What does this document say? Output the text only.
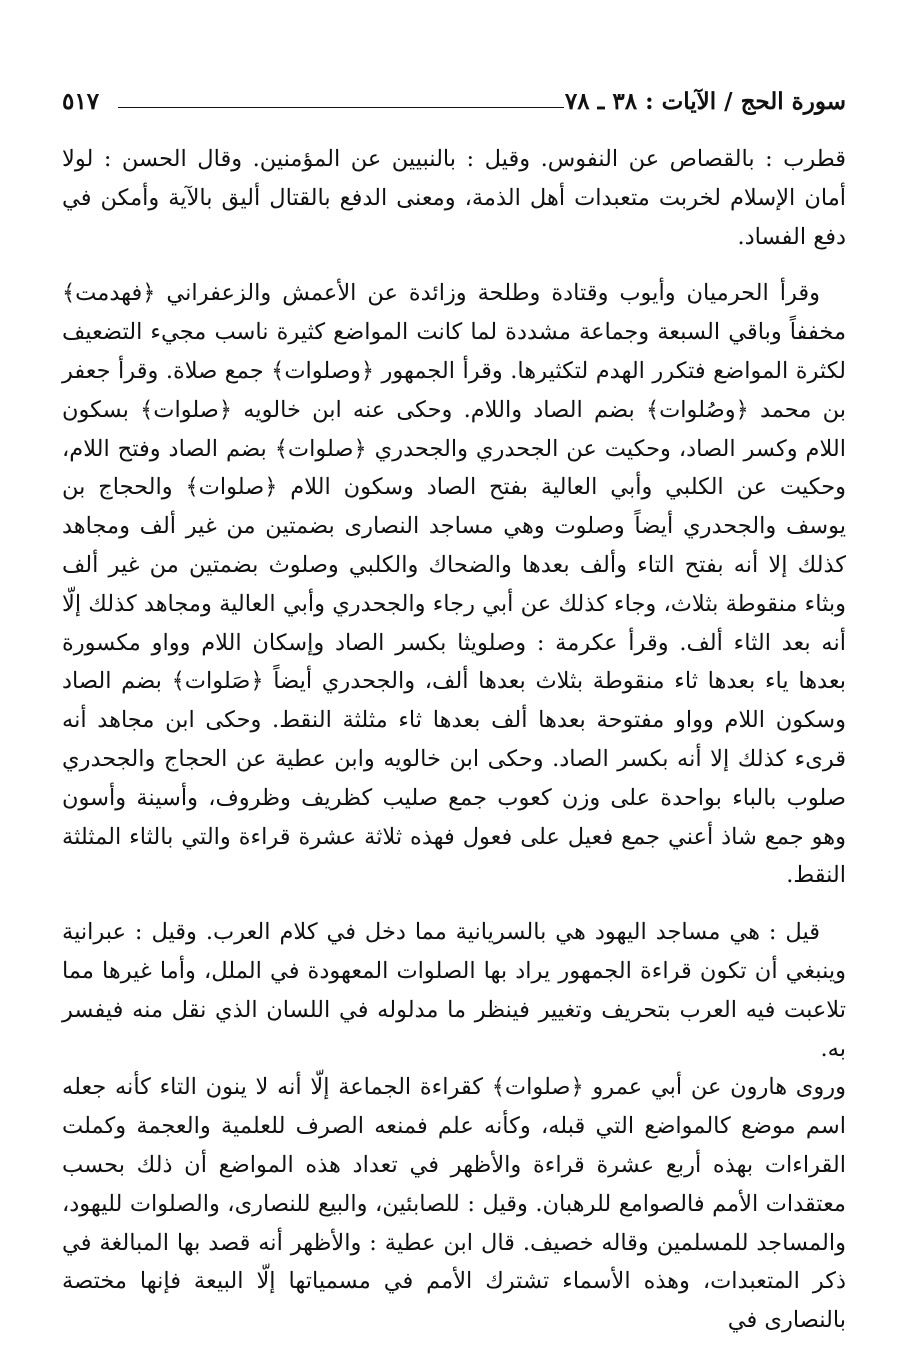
سورة الحج / الآيات : ٣٨ ـ ٧٨
٥١٧

قطرب : بالقصاص عن النفوس. وقيل : بالنبيين عن المؤمنين. وقال الحسن : لولا أمان الإسلام لخربت متعبدات أهل الذمة، ومعنى الدفع بالقتال أليق بالآية وأمكن في دفع الفساد.

وقرأ الحرميان وأيوب وقتادة وطلحة وزائدة عن الأعمش والزعفراني ﴿فهدمت﴾ مخففاً وباقي السبعة وجماعة مشددة لما كانت المواضع كثيرة ناسب مجيء التضعيف لكثرة المواضع فتكرر الهدم لتكثيرها. وقرأ الجمهور ﴿وصلوات﴾ جمع صلاة. وقرأ جعفر بن محمد ﴿وصُلوات﴾ بضم الصاد واللام. وحكى عنه ابن خالويه ﴿صلوات﴾ بسكون اللام وكسر الصاد، وحكيت عن الجحدري والجحدري ﴿صلوات﴾ بضم الصاد وفتح اللام، وحكيت عن الكلبي وأبي العالية بفتح الصاد وسكون اللام ﴿صلوات﴾ والحجاج بن يوسف والجحدري أيضاً وصلوت وهي مساجد النصارى بضمتين من غير ألف ومجاهد كذلك إلا أنه بفتح التاء وألف بعدها والضحاك والكلبي وصلوث بضمتين من غير ألف وبثاء منقوطة بثلاث، وجاء كذلك عن أبي رجاء والجحدري وأبي العالية ومجاهد كذلك إلّا أنه بعد الثاء ألف. وقرأ عكرمة : وصلويثا بكسر الصاد وإسكان اللام وواو مكسورة بعدها ياء بعدها ثاء منقوطة بثلاث بعدها ألف، والجحدري أيضاً ﴿صَلوات﴾ بضم الصاد وسكون اللام وواو مفتوحة بعدها ألف بعدها ثاء مثلثة النقط. وحكى ابن مجاهد أنه قرىء كذلك إلا أنه بكسر الصاد. وحكى ابن خالويه وابن عطية عن الحجاج والجحدري صلوب بالباء بواحدة على وزن كعوب جمع صليب كظريف وظروف، وأسينة وأسون وهو جمع شاذ أعني جمع فعيل على فعول فهذه ثلاثة عشرة قراءة والتي بالثاء المثلثة النقط.

قيل : هي مساجد اليهود هي بالسريانية مما دخل في كلام العرب. وقيل : عبرانية وينبغي أن تكون قراءة الجمهور يراد بها الصلوات المعهودة في الملل، وأما غيرها مما تلاعبت فيه العرب بتحريف وتغيير فينظر ما مدلوله في اللسان الذي نقل منه فيفسر به.

وروى هارون عن أبي عمرو ﴿صلوات﴾ كقراءة الجماعة إلّا أنه لا ينون التاء كأنه جعله اسم موضع كالمواضع التي قبله، وكأنه علم فمنعه الصرف للعلمية والعجمة وكملت القراءات بهذه أربع عشرة قراءة والأظهر في تعداد هذه المواضع أن ذلك بحسب معتقدات الأمم فالصوامع للرهبان. وقيل : للصابئين، والبيع للنصارى، والصلوات لليهود، والمساجد للمسلمين وقاله خصيف. قال ابن عطية : والأظهر أنه قصد بها المبالغة في ذكر المتعبدات، وهذه الأسماء تشترك الأمم في مسمياتها إلّا البيعة فإنها مختصة بالنصارى في
